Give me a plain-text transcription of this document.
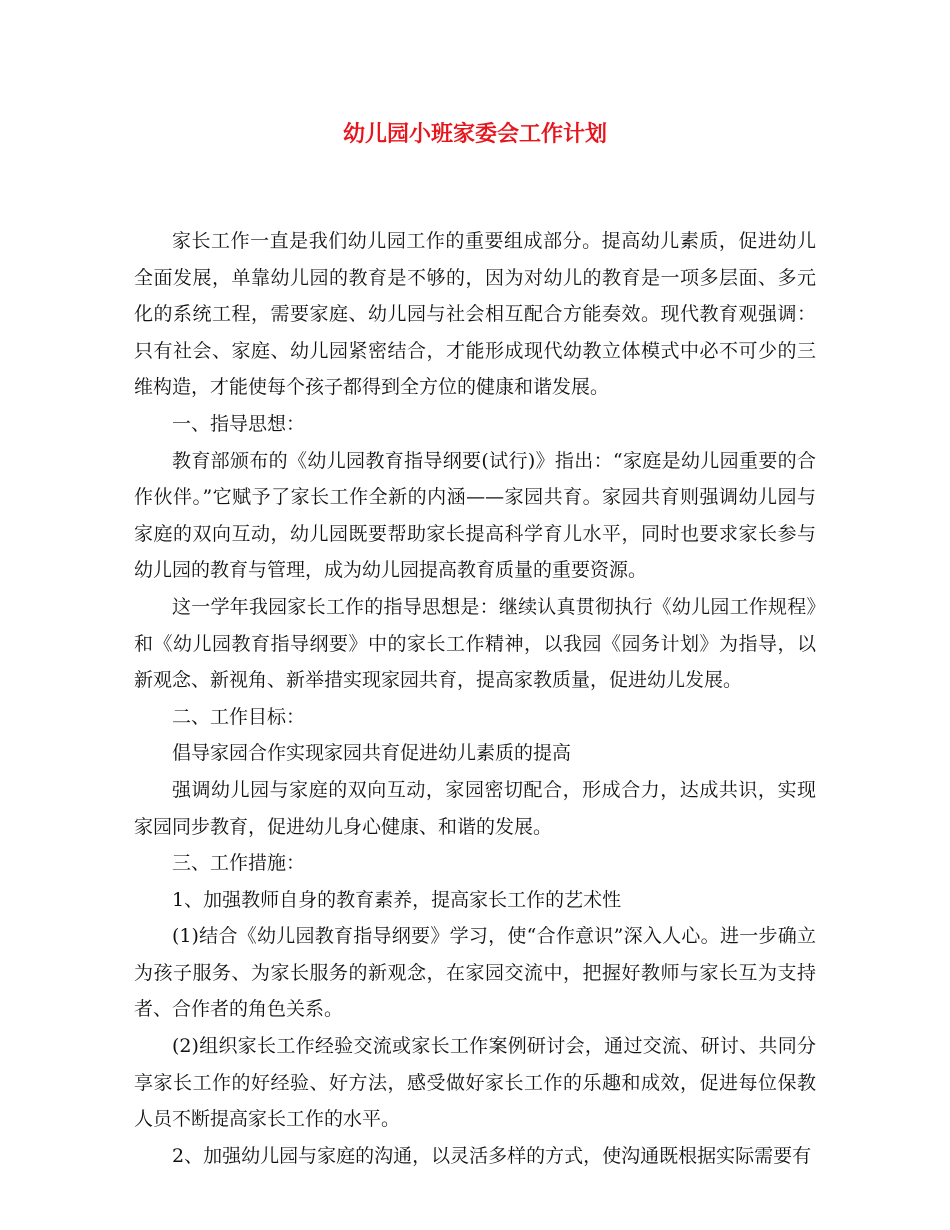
幼儿园小班家委会工作计划

家长工作一直是我们幼儿园工作的重要组成部分。提高幼儿素质，促进幼儿全面发展，单靠幼儿园的教育是不够的，因为对幼儿的教育是一项多层面、多元化的系统工程，需要家庭、幼儿园与社会相互配合方能奏效。现代教育观强调：只有社会、家庭、幼儿园紧密结合，才能形成现代幼教立体模式中必不可少的三维构造，才能使每个孩子都得到全方位的健康和谐发展。

一、指导思想：

教育部颁布的《幼儿园教育指导纲要(试行)》指出：“家庭是幼儿园重要的合作伙伴。”它赋予了家长工作全新的内涵——家园共育。家园共育则强调幼儿园与家庭的双向互动，幼儿园既要帮助家长提高科学育儿水平，同时也要求家长参与幼儿园的教育与管理，成为幼儿园提高教育质量的重要资源。

这一学年我园家长工作的指导思想是：继续认真贯彻执行《幼儿园工作规程》和《幼儿园教育指导纲要》中的家长工作精神，以我园《园务计划》为指导，以新观念、新视角、新举措实现家园共育，提高家教质量，促进幼儿发展。

二、工作目标：

倡导家园合作实现家园共育促进幼儿素质的提高

强调幼儿园与家庭的双向互动，家园密切配合，形成合力，达成共识，实现家园同步教育，促进幼儿身心健康、和谐的发展。

三、工作措施：

1、加强教师自身的教育素养，提高家长工作的艺术性

(1)结合《幼儿园教育指导纲要》学习，使“合作意识”深入人心。进一步确立为孩子服务、为家长服务的新观念，在家园交流中，把握好教师与家长互为支持者、合作者的角色关系。

(2)组织家长工作经验交流或家长工作案例研讨会，通过交流、研讨、共同分享家长工作的好经验、好方法，感受做好家长工作的乐趣和成效，促进每位保教人员不断提高家长工作的水平。

2、加强幼儿园与家庭的沟通，以灵活多样的方式，使沟通既根据实际需要有
